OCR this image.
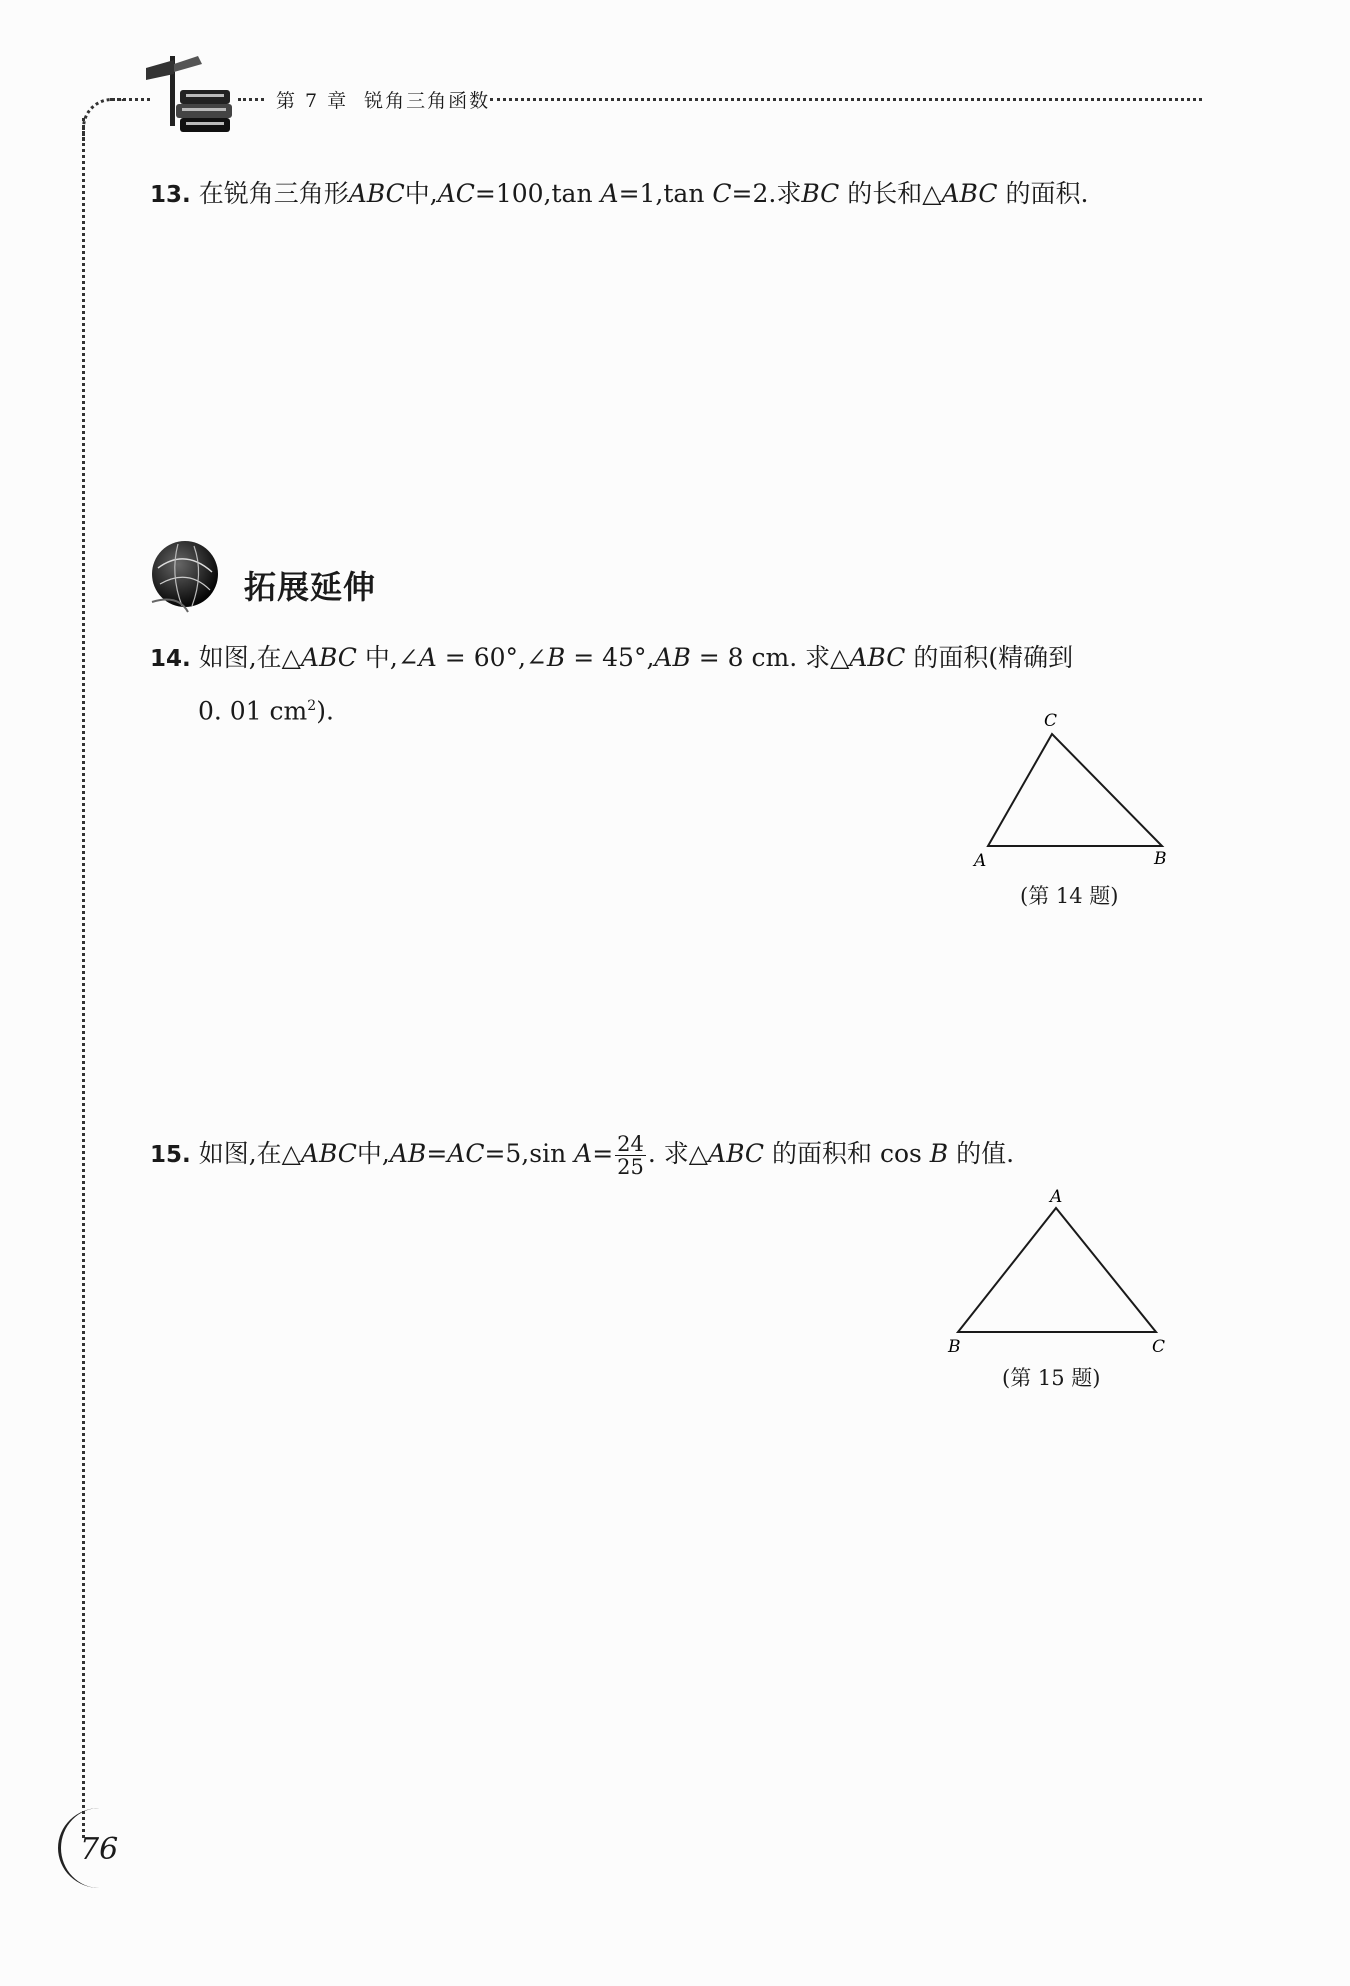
第 7 章 锐角三角函数
13. 在锐角三角形ABC中,AC=100,tan A=1,tan C=2.求BC 的长和△ABC 的面积.
拓展延伸
14. 如图,在△ABC 中,∠A = 60°,∠B = 45°,AB = 8 cm. 求△ABC 的面积(精确到
0. 01 $cm^2$).
A	B
C
(第 14 题)
15. 如图,在△ABC中,AB=AC=5,sin $A= \frac{24}{25}$ . 求△ABC 的面积和 cos B 的值.
A
B	C
(第 15 题)
76
